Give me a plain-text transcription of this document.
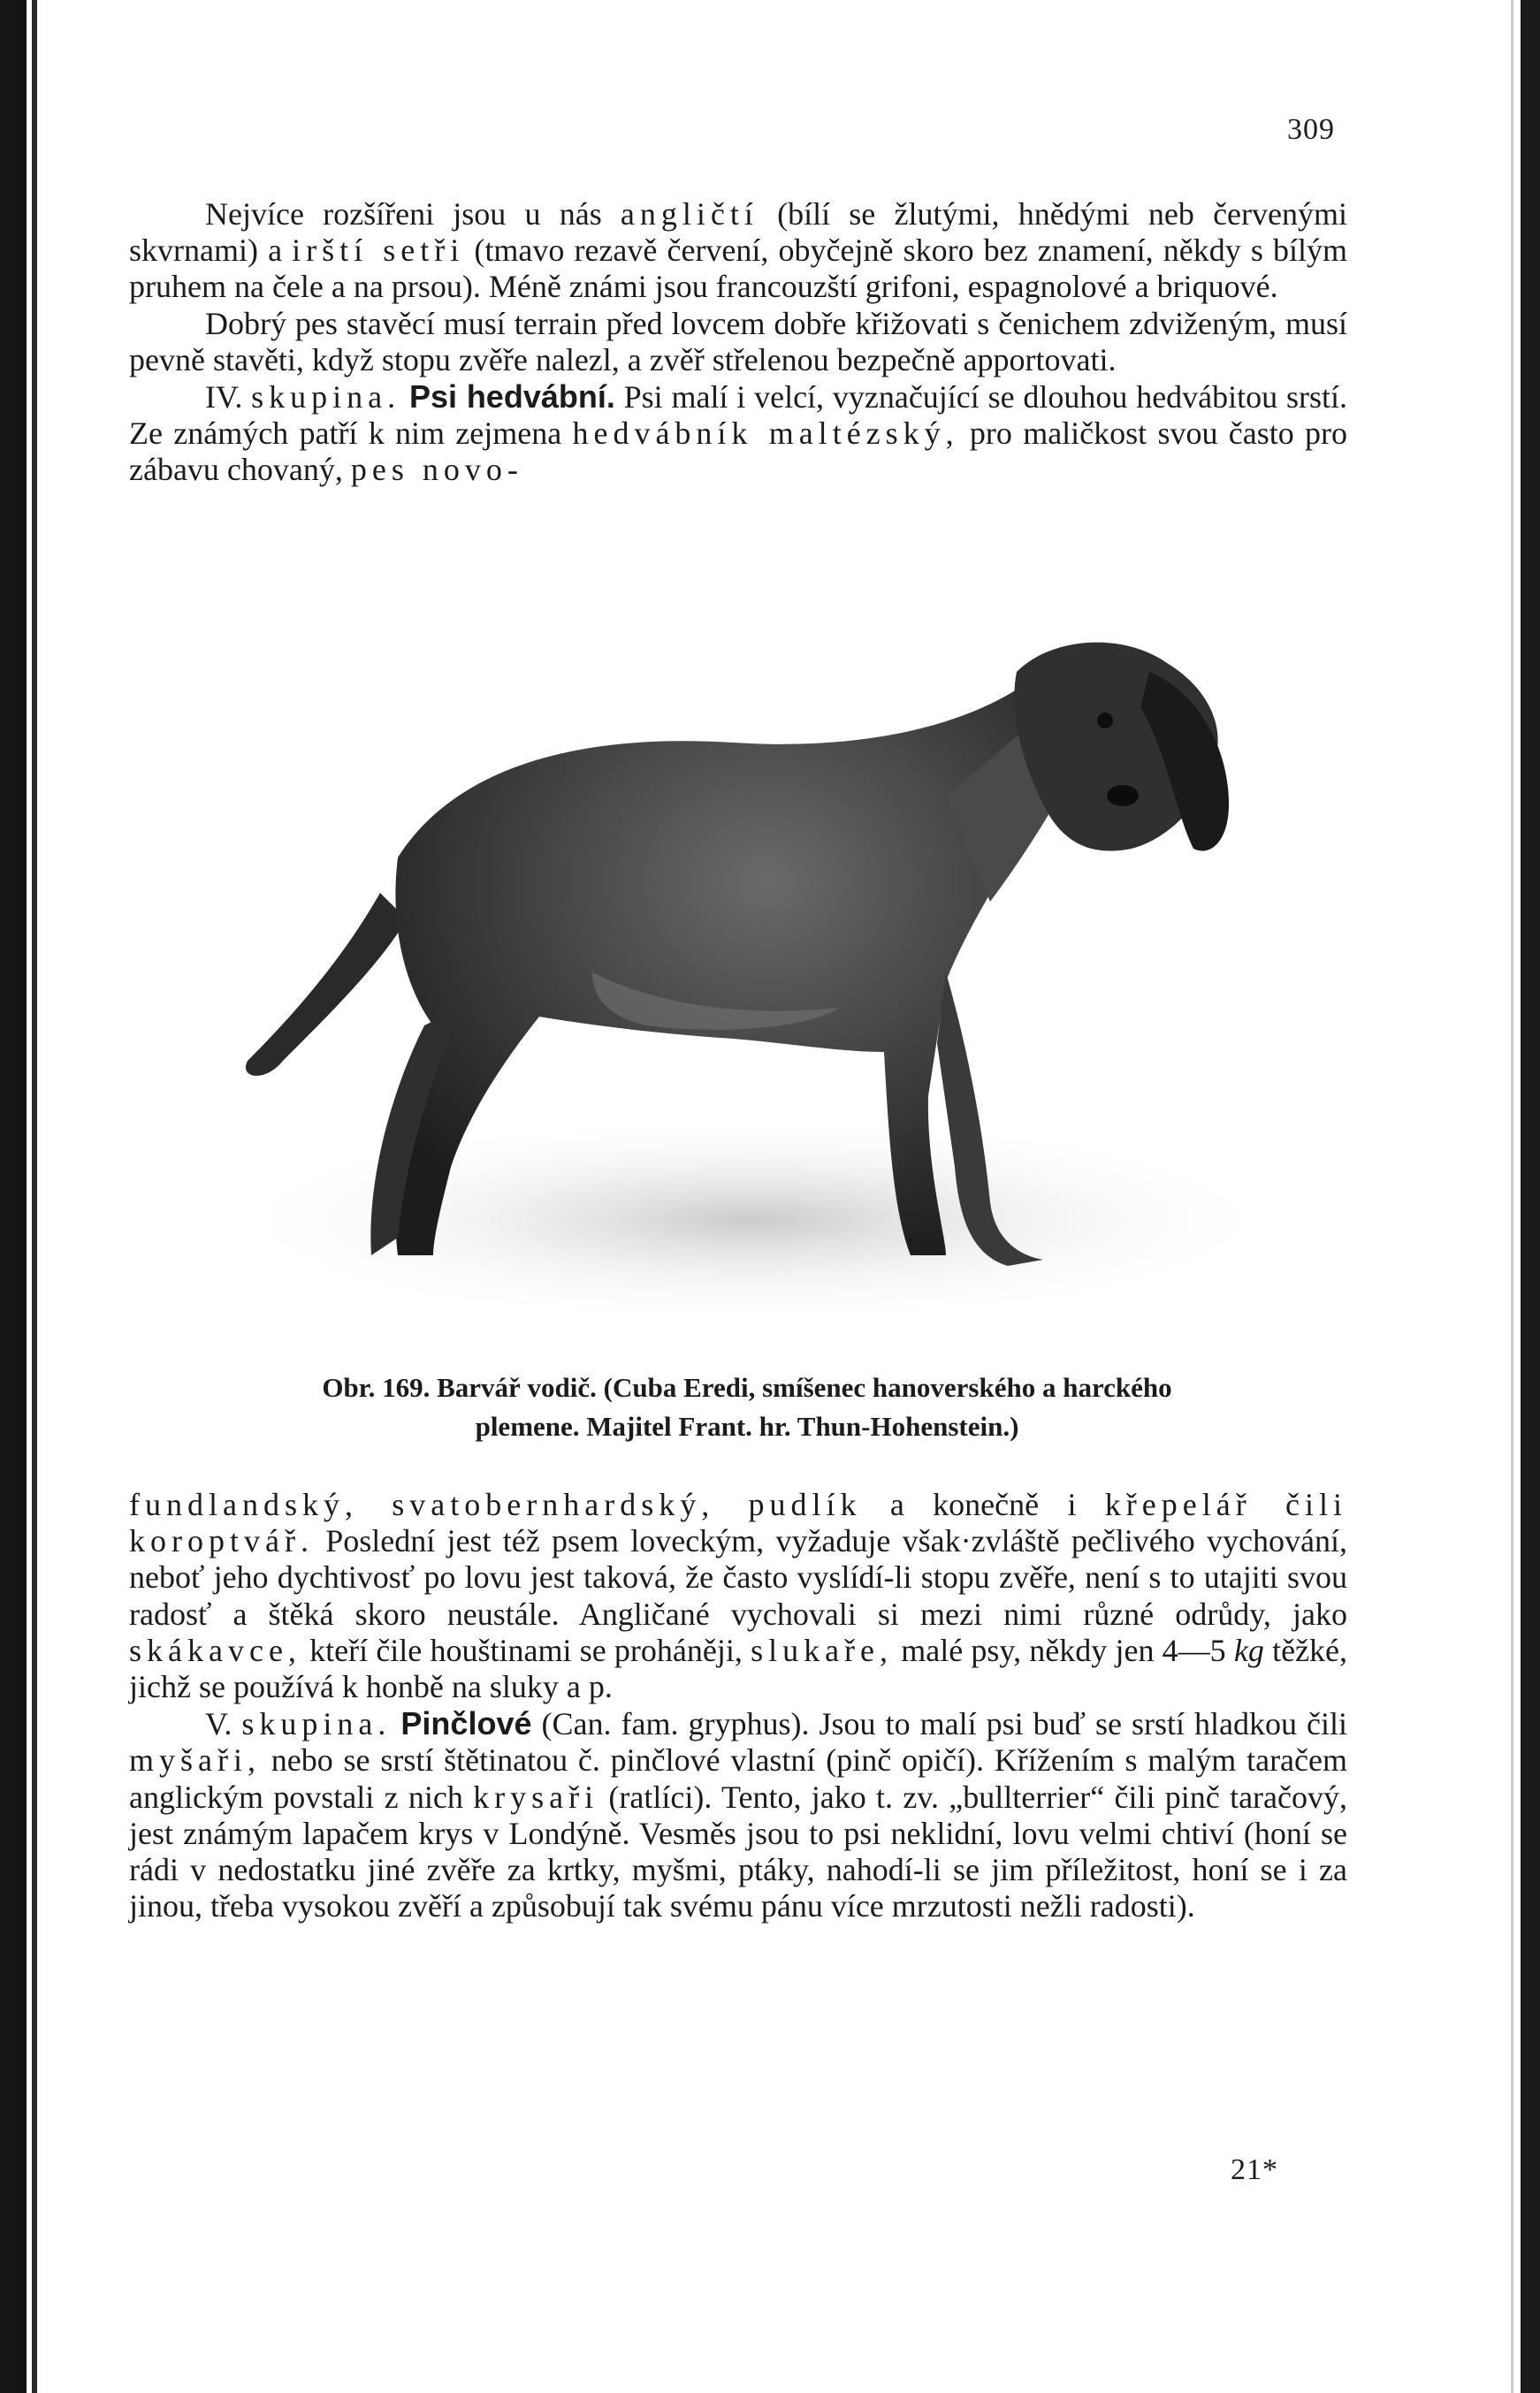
309

Nejvíce rozšířeni jsou u nás angličtí (bílí se žlutými, hnědými neb červenými skvrnami) a irští setři (tmavo rezavě červení, obyčejně skoro bez znamení, někdy s bílým pruhem na čele a na prsou). Méně známi jsou francouzští grifoni, espagnolové a briquové.

Dobrý pes stavěcí musí terrain před lovcem dobře křižovati s čenichem zdviženým, musí pevně stavěti, když stopu zvěře nalezl, a zvěř střelenou bezpečně apportovati.

IV. skupina. Psi hedvábní. Psi malí i velcí, vyznačující se dlouhou hedvábitou srstí. Ze známých patří k nim zejmena hedvábník maltézský, pro maličkost svou často pro zábavu chovaný, pes novo-

Obr. 169. Barvář vodič. (Cuba Eredi, smíšenec hanoverského a harckého
plemene. Majitel Frant. hr. Thun-Hohenstein.)

fundlandský, svatobernhardský, pudlík a konečně i křepelář čili koroptvář. Poslední jest též psem loveckým, vyžaduje však·zvláště pečlivého vychování, neboť jeho dychtivosť po lovu jest taková, že často vyslídí-li stopu zvěře, není s to utajiti svou radosť a štěká skoro neustále. Angličané vychovali si mezi nimi různé odrůdy, jako skákavce, kteří čile houštinami se proháněji, slukaře, malé psy, někdy jen 4—5 kg těžké, jichž se používá k honbě na sluky a p.

V. skupina. Pinčlové (Can. fam. gryphus). Jsou to malí psi buď se srstí hladkou čili myšaři, nebo se srstí štětinatou č. pinčlové vlastní (pinč opičí). Křížením s malým taračem anglickým povstali z nich krysaři (ratlíci). Tento, jako t. zv. „bullterrier“ čili pinč taračový, jest známým lapačem krys v Londýně. Vesměs jsou to psi neklidní, lovu velmi chtiví (honí se rádi v nedostatku jiné zvěře za krtky, myšmi, ptáky, nahodí-li se jim příležitost, honí se i za jinou, třeba vysokou zvěří a způsobují tak svému pánu více mrzutosti nežli radosti).

21*
